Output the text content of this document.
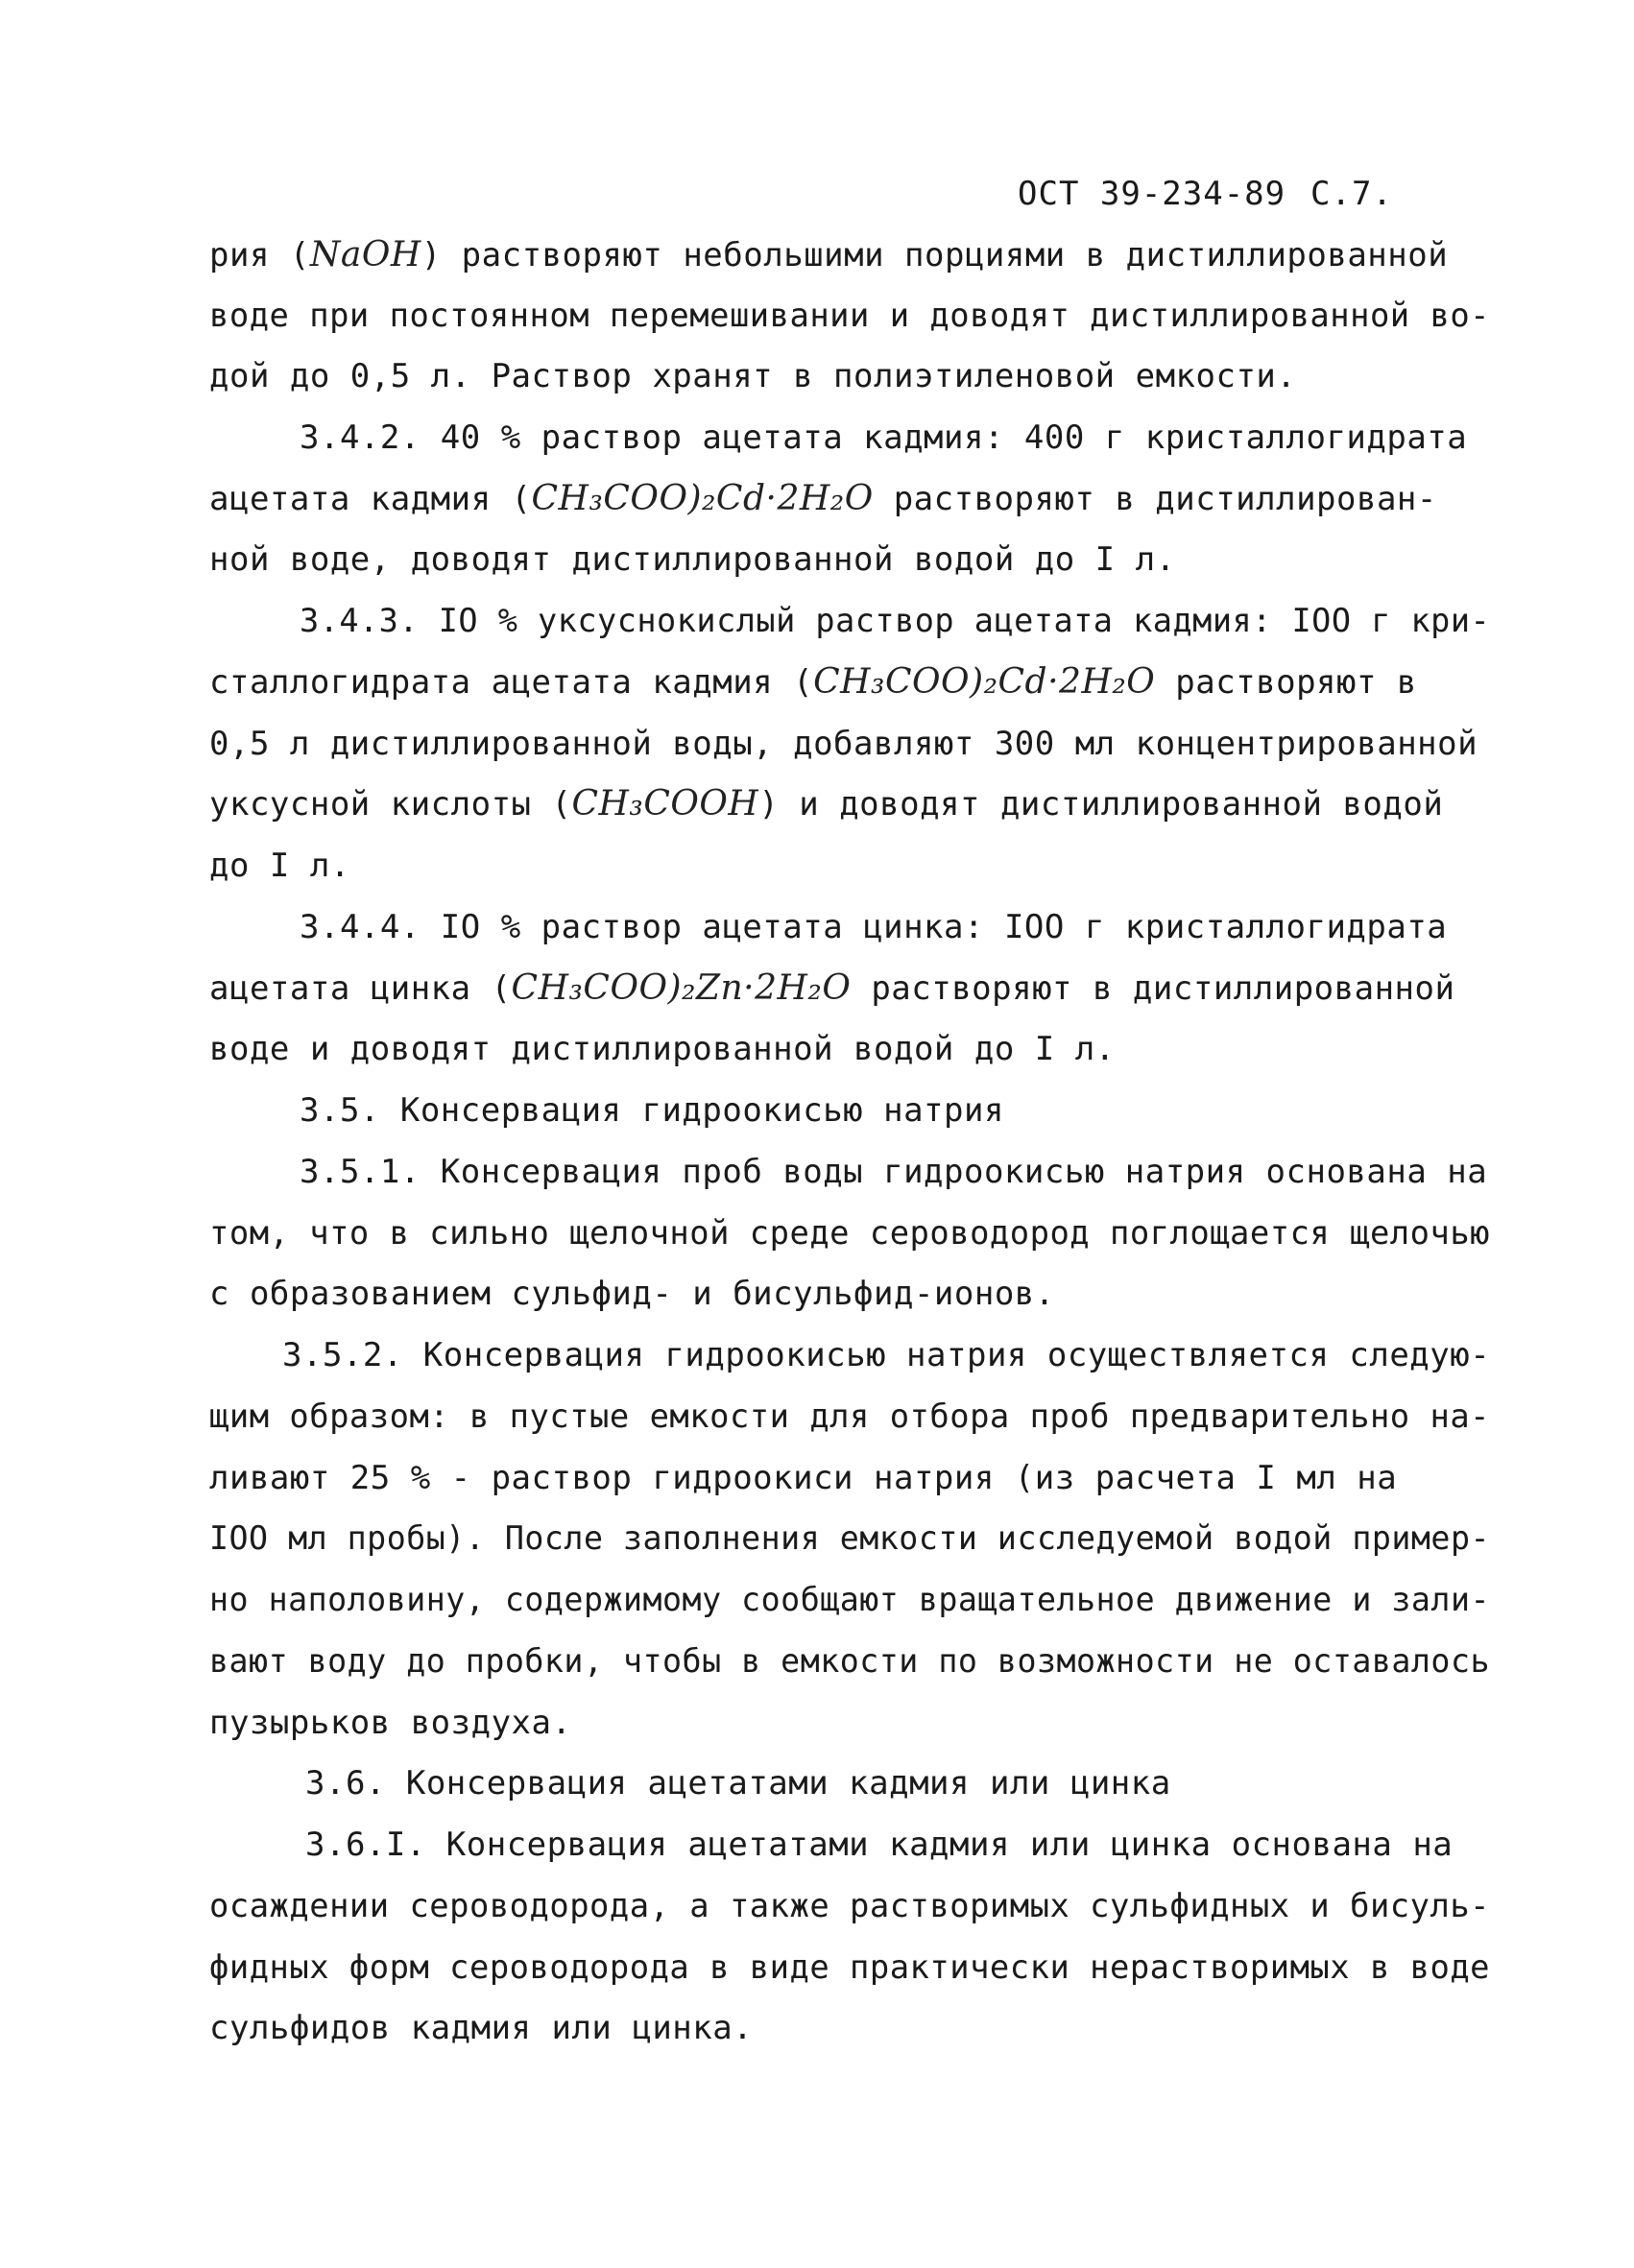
ОСТ 39-234-89 С.7.
рия (NaOH) растворяют небольшими порциями в дистиллированной
воде при постоянном перемешивании и доводят дистиллированной во-
дой до 0,5 л. Раствор хранят в полиэтиленовой емкости.
3.4.2. 40 % раствор ацетата кадмия: 400 г кристаллогидрата
ацетата кадмия (CH₃COO)₂Cd·2H₂O растворяют в дистиллирован-
ной воде, доводят дистиллированной водой до I л.
3.4.3. IO % уксуснокислый раствор ацетата кадмия: IOO г кри-
сталлогидрата ацетата кадмия (CH₃COO)₂Cd·2H₂O растворяют в
0,5 л дистиллированной воды, добавляют 300 мл концентрированной
уксусной кислоты (CH₃COOH) и доводят дистиллированной водой
до I л.
3.4.4. IO % раствор ацетата цинка: IOO г кристаллогидрата
ацетата цинка (CH₃COO)₂Zn·2H₂O растворяют в дистиллированной
воде и доводят дистиллированной водой до I л.
3.5. Консервация гидроокисью натрия
3.5.1. Консервация проб воды гидроокисью натрия основана на
том, что в сильно щелочной среде сероводород поглощается щелочью
с образованием сульфид- и бисульфид-ионов.
3.5.2. Консервация гидроокисью натрия осуществляется следую-
щим образом: в пустые емкости для отбора проб предварительно на-
ливают 25 % - раствор гидроокиси натрия (из расчета I мл на
IOO мл пробы). После заполнения емкости исследуемой водой пример-
но наполовину, содержимому сообщают вращательное движение и зали-
вают воду до пробки, чтобы в емкости по возможности не оставалось
пузырьков воздуха.
3.6. Консервация ацетатами кадмия или цинка
3.6.I. Консервация ацетатами кадмия или цинка основана на
осаждении сероводорода, а также растворимых сульфидных и бисуль-
фидных форм сероводорода в виде практически нерастворимых в воде
сульфидов кадмия или цинка.
